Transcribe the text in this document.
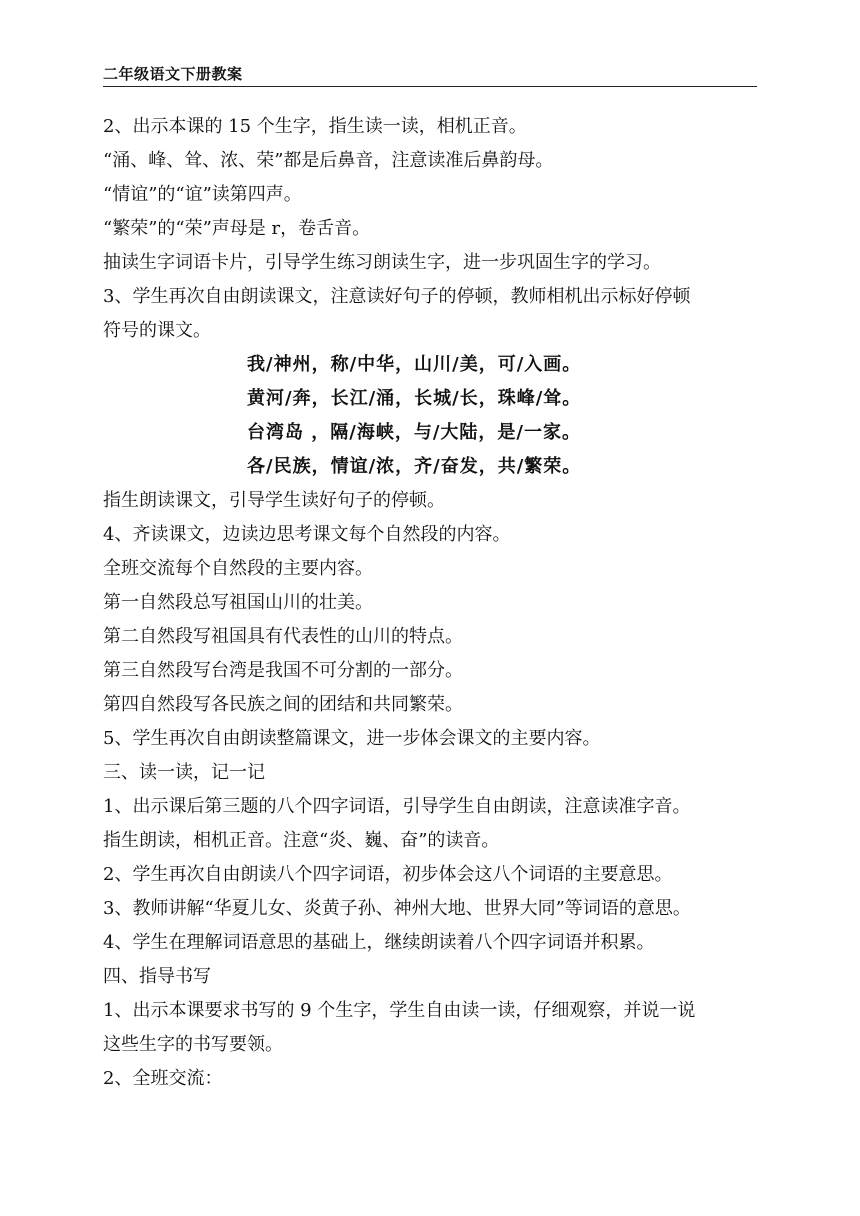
二年级语文下册教案
2、出示本课的 15 个生字，指生读一读，相机正音。
“涌、峰、耸、浓、荣”都是后鼻音，注意读准后鼻韵母。
“情谊”的“谊”读第四声。
“繁荣”的“荣”声母是 r，卷舌音。
抽读生字词语卡片，引导学生练习朗读生字，进一步巩固生字的学习。
3、学生再次自由朗读课文，注意读好句子的停顿，教师相机出示标好停顿
符号的课文。
我/神州，称/中华，山川/美，可/入画。
黄河/奔，长江/涌，长城/长，珠峰/耸。
台湾岛 ，隔/海峡，与/大陆，是/一家。
各/民族，情谊/浓，齐/奋发，共/繁荣。
指生朗读课文，引导学生读好句子的停顿。
4、齐读课文，边读边思考课文每个自然段的内容。
全班交流每个自然段的主要内容。
第一自然段总写祖国山川的壮美。
第二自然段写祖国具有代表性的山川的特点。
第三自然段写台湾是我国不可分割的一部分。
第四自然段写各民族之间的团结和共同繁荣。
5、学生再次自由朗读整篇课文，进一步体会课文的主要内容。
三、读一读，记一记
1、出示课后第三题的八个四字词语，引导学生自由朗读，注意读准字音。
指生朗读，相机正音。注意“炎、巍、奋”的读音。
2、学生再次自由朗读八个四字词语，初步体会这八个词语的主要意思。
3、教师讲解“华夏儿女、炎黄子孙、神州大地、世界大同”等词语的意思。
4、学生在理解词语意思的基础上，继续朗读着八个四字词语并积累。
四、指导书写
1、出示本课要求书写的 9 个生字，学生自由读一读，仔细观察，并说一说
这些生字的书写要领。
2、全班交流：
